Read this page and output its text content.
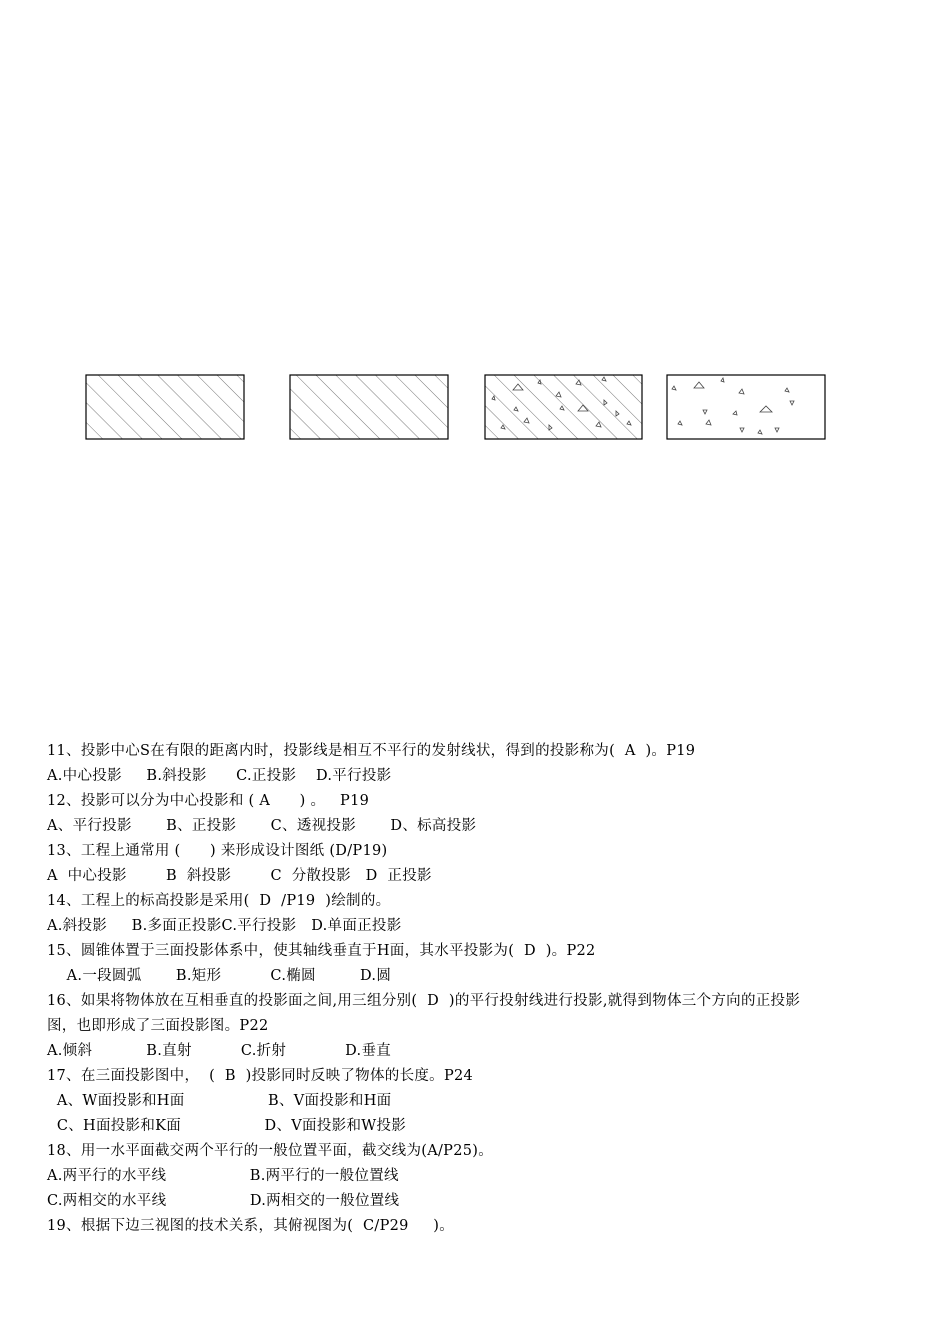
11、投影中心S在有限的距离内时，投影线是相互不平行的发射线状，得到的投影称为(  A  )。P19
A.中心投影     B.斜投影      C.正投影    D.平行投影
12、投影可以分为中心投影和 ( A      ) 。   P19
A、平行投影       B、正投影       C、透视投影       D、标高投影
13、工程上通常用 (      ) 来形成设计图纸 (D/P19)
A  中心投影        B  斜投影        C  分散投影   D  正投影
14、工程上的标高投影是采用(  D  /P19  )绘制的。
A.斜投影     B.多面正投影C.平行投影   D.单面正投影
15、圆锥体置于三面投影体系中，使其轴线垂直于H面，其水平投影为(  D  )。P22
A.一段圆弧       B.矩形          C.椭圆         D.圆
16、如果将物体放在互相垂直的投影面之间,用三组分别(  D  )的平行投射线进行投影,就得到物体三个方向的正投影
图，也即形成了三面投影图。P22
A.倾斜           B.直射          C.折射            D.垂直
17、在三面投影图中，  (  B  )投影同时反映了物体的长度。P24
A、W面投影和H面                 B、V面投影和H面
C、H面投影和K面                 D、V面投影和W投影
18、用一水平面截交两个平行的一般位置平面，截交线为(A/P25)。
A.两平行的水平线                 B.两平行的一般位置线
C.两相交的水平线                 D.两相交的一般位置线
19、根据下边三视图的技术关系，其俯视图为(  C/P29     )。
